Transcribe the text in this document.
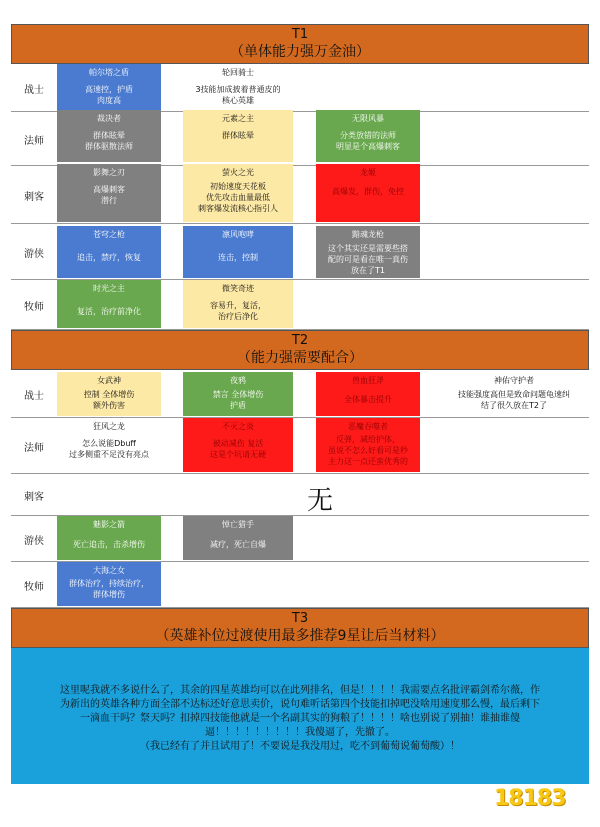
T1
（单体能力强万金油）
战士
帕尔塔之盾
高速控，护盾
肉度高
轮回骑士
3技能加成披着普通皮的
核心英雄
法师
裁决者
群体眩晕
群体驱散法师
元素之主
群体眩晕
无限风暴
分类放错的法师
明显是个高爆刺客
刺客
影舞之刃
高爆刺客
潜行
萤火之光
初始速度天花板
优先攻击血量最低
刺客爆发流核心指引人
龙姬
高爆发，群伤，免控
游侠
苍穹之枪
追击，禁疗，恢复
凛风咆哮
连击，控制
黯魂龙枪
这个其实还是需要些搭
配的可是看在唯一真伤
放在了T1
牧师
时光之主
复活，治疗前净化
微笑奇迹
容易升，复活，
治疗后净化
T2
（能力强需要配合）
战士
女武神
控制 全体增伤
额外伤害
夜鸦
禁言 全体增伤
护盾
兽血狂斧
全体暴击提升
神佑守护者
技能强度高但是致命问题龟速纠
结了很久放在T2了
法师
狂风之龙
怎么说能Dbuff
过多侧重不足没有亮点
不灭之炎
被动减伤 复活
这是个坑请无硬
恶魔吞噬者
反弹，减给护体，
虽说不怎么好看可是秒
主力这一点还蛮优秀的
刺客	无
游侠
魅影之箭
死亡追击，击杀增伤
悼亡猎手
减疗，死亡自爆
牧师
大海之女
群体治疗，持续治疗，
群体增伤
T3
（英雄补位过渡使用最多推荐9星让后当材料）
这里呢我就不多说什么了，其余的四星英雄均可以在此列排名，但是！！！！我需要点名批评霸剑希尔薇，作
为新出的英雄各种方面全部不达标还好意思卖价，说句难听话第四个技能扣掉吧没啥用速度那么慢，最后剩下
一滴血干吗？祭天吗？扣掉四技能他就是一个名副其实的狗粮了！！！！啥也别说了别抽！谁抽谁傻
逼！！！！！！！！！我傻逼了，先撤了。
（我已经有了并且试用了！不要说是我没用过，吃不到葡萄说葡萄酸）！
18183
